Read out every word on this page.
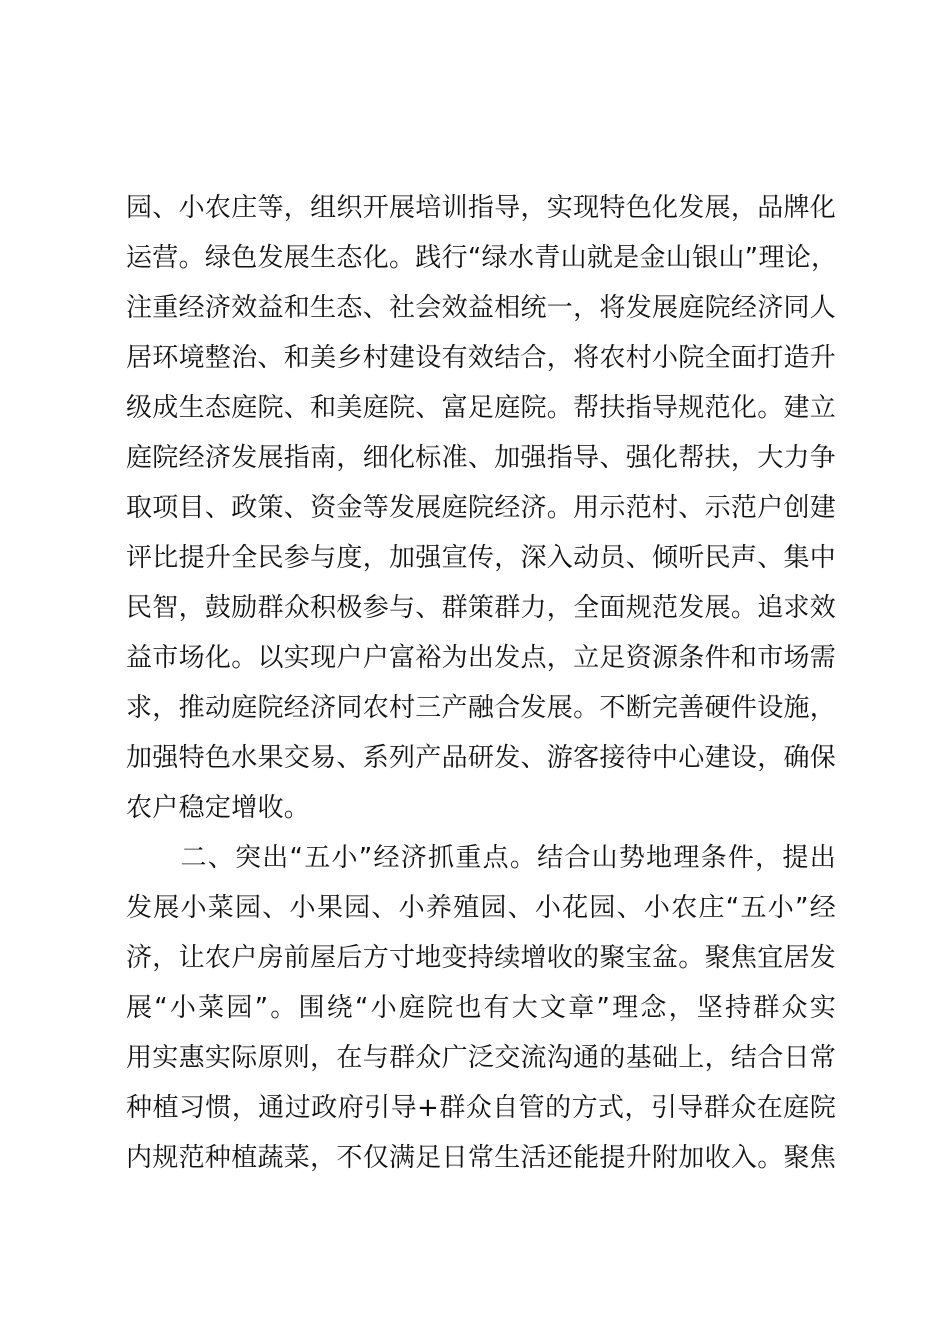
园、小农庄等，组织开展培训指导，实现特色化发展，品牌化
运营。绿色发展生态化。践行“绿水青山就是金山银山”理论，
注重经济效益和生态、社会效益相统一，将发展庭院经济同人
居环境整治、和美乡村建设有效结合，将农村小院全面打造升
级成生态庭院、和美庭院、富足庭院。帮扶指导规范化。建立
庭院经济发展指南，细化标准、加强指导、强化帮扶，大力争
取项目、政策、资金等发展庭院经济。用示范村、示范户创建
评比提升全民参与度，加强宣传，深入动员、倾听民声、集中
民智，鼓励群众积极参与、群策群力，全面规范发展。追求效
益市场化。以实现户户富裕为出发点，立足资源条件和市场需
求，推动庭院经济同农村三产融合发展。不断完善硬件设施，
加强特色水果交易、系列产品研发、游客接待中心建设，确保
农户稳定增收。
　　二、突出“五小”经济抓重点。结合山势地理条件，提出
发展小菜园、小果园、小养殖园、小花园、小农庄“五小”经
济，让农户房前屋后方寸地变持续增收的聚宝盆。聚焦宜居发
展“小菜园”。围绕“小庭院也有大文章”理念，坚持群众实
用实惠实际原则，在与群众广泛交流沟通的基础上，结合日常
种植习惯，通过政府引导+群众自管的方式，引导群众在庭院
内规范种植蔬菜，不仅满足日常生活还能提升附加收入。聚焦
